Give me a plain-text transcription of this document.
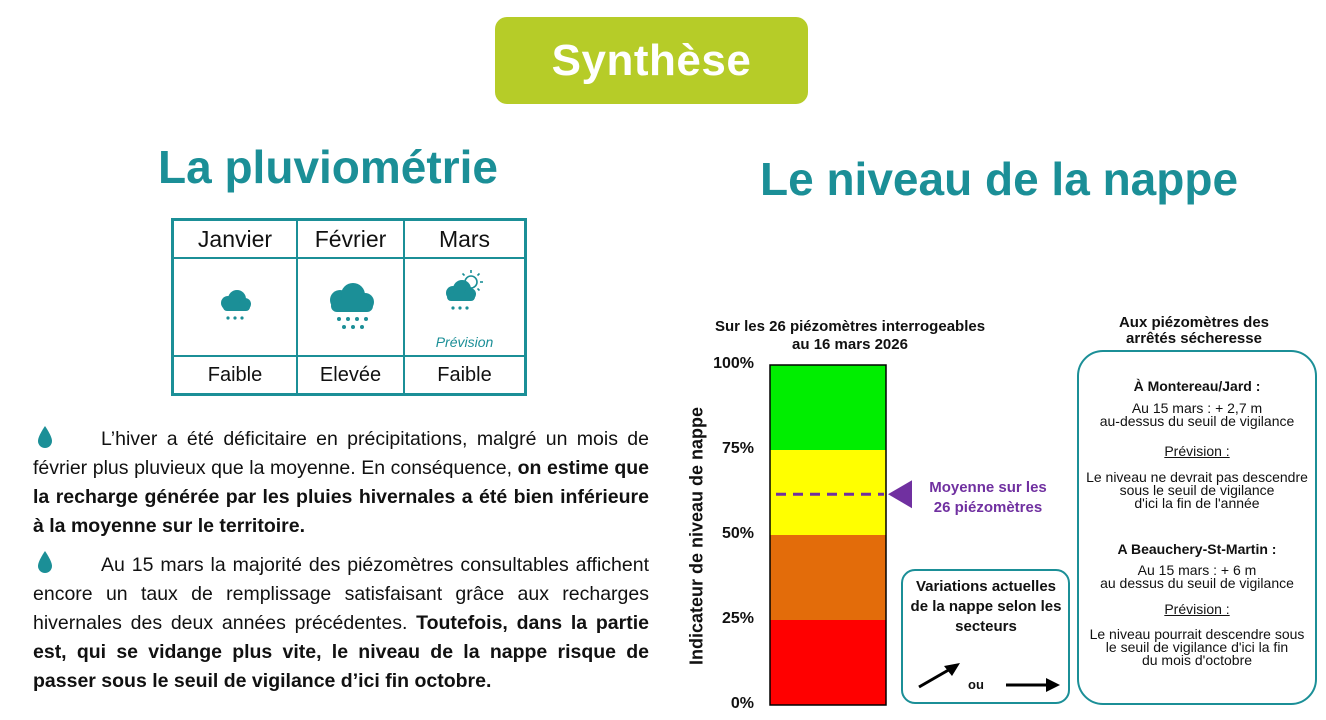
Synthèse
La pluviométrie	Le niveau de la nappe
Janvier	Février	Mars
Prévision
Faible	Elevée	Faible

L’hiver a été déficitaire en précipitations, malgré un mois de février plus pluvieux que la moyenne. En conséquence, on estime que la recharge générée par les pluies hivernales a été bien inférieure à la moyenne sur le territoire.

Au 15 mars la majorité des piézomètres consultables affichent encore un taux de remplissage satisfaisant grâce aux recharges hivernales des deux années précédentes. Toutefois, dans la partie est, qui se vidange plus vite, le niveau de la nappe risque de passer sous le seuil de vigilance d’ici fin octobre.

Sur les 26 piézomètres interrogeables
au 16 mars 2026
Indicateur de niveau de nappe
100%
75%
50%
25%
0%
Moyenne sur les
26 piézomètres
Variations actuelles de la nappe selon les secteurs
ou
Aux piézomètres des
arrêtés sécheresse
À Montereau/Jard :
Au 15 mars : + 2,7 m
au-dessus du seuil de vigilance
Prévision :
Le niveau ne devrait pas descendre
sous le seuil de vigilance
d'ici la fin de l'année
A Beauchery-St-Martin :
Au 15 mars : + 6 m
au dessus du seuil de vigilance
Prévision :
Le niveau pourrait descendre sous
le seuil de vigilance d'ici la fin
du mois d'octobre
